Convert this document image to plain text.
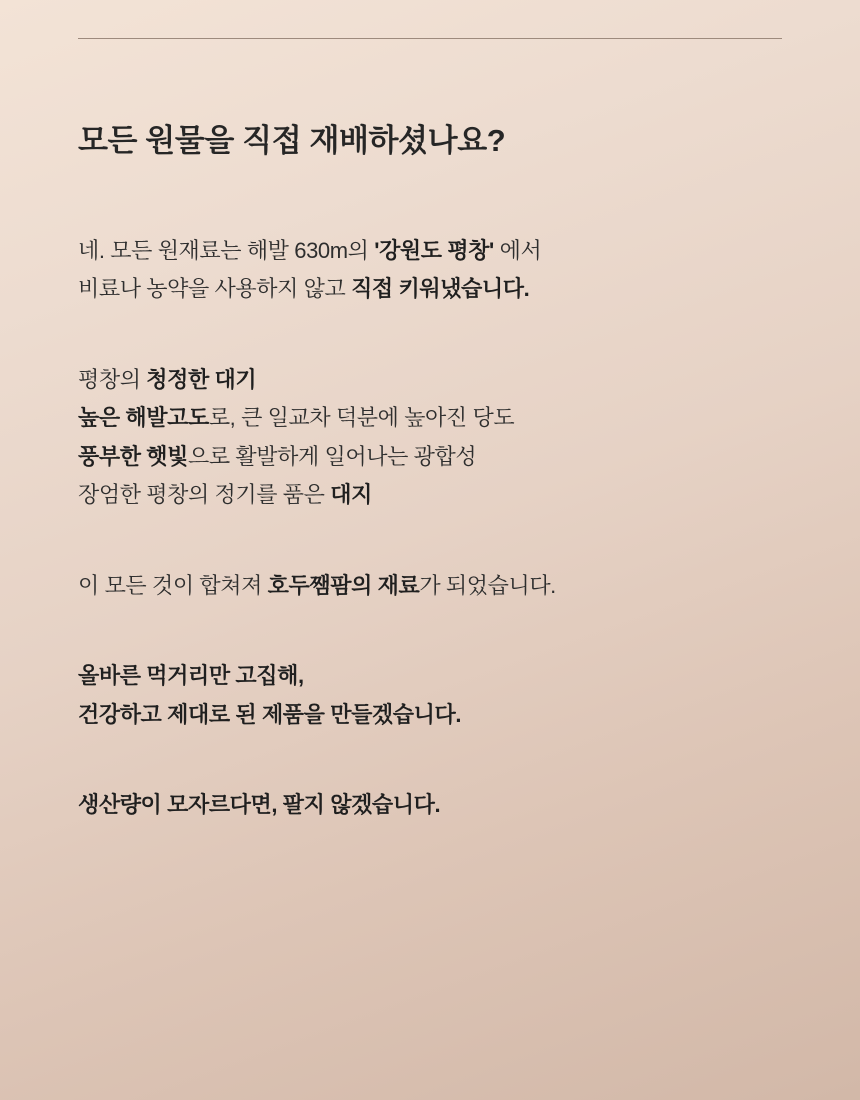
모든 원물을 직접 재배하셨나요?

네. 모든 원재료는 해발 630m의 '강원도 평창' 에서
비료나 농약을 사용하지 않고 직접 키워냈습니다.

평창의 청정한 대기
높은 해발고도로, 큰 일교차 덕분에 높아진 당도
풍부한 햇빛으로 활발하게 일어나는 광합성
장엄한 평창의 정기를 품은 대지

이 모든 것이 합쳐져 호두쨈팜의 재료가 되었습니다.

올바른 먹거리만 고집해,
건강하고 제대로 된 제품을 만들겠습니다.

생산량이 모자르다면, 팔지 않겠습니다.
